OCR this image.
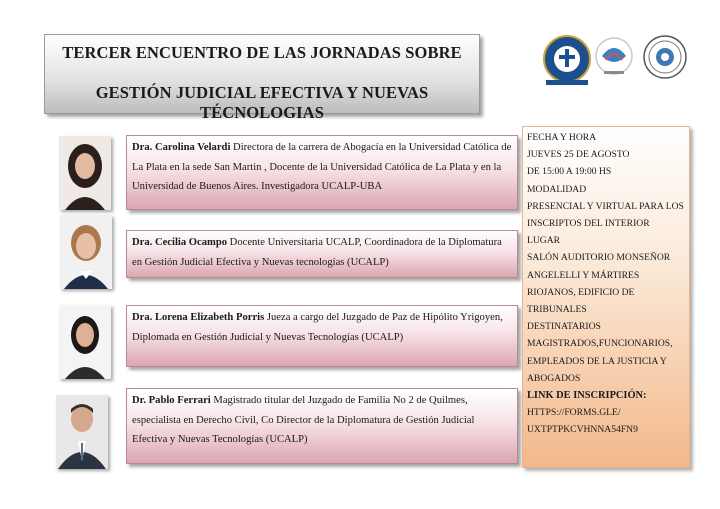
TERCER ENCUENTRO DE LAS JORNADAS SOBRE
GESTIÓN JUDICIAL EFECTIVA Y NUEVAS TÉCNOLOGIAS
Dra. Carolina Velardi Directora de la carrera de Abogacía en la Universidad Católica de La Plata en la sede San Martin , Docente de la Universidad Católica de La Plata y en la Universidad de Buenos Aires. Investigadora UCALP-UBA
Dra. Cecilia Ocampo Docente Universitaria UCALP, Coordinadora de la Diplomatura en Gestión Judicial Efectiva y Nuevas tecnologías (UCALP)
Dra. Lorena Elizabeth Porris Jueza a cargo del Juzgado de Paz de Hipólito Yrigoyen, Diplomada en Gestión Judicial y Nuevas Tecnologías (UCALP)
Dr. Pablo Ferrari Magistrado titular del Juzgado de Familia No 2 de Quilmes, especialista en Derecho Civil, Co Director de la Diplomatura de Gestión Judicial Efectiva y Nuevas Tecnologías (UCALP)
FECHA Y HORA
JUEVES 25 DE AGOSTO
DE 15:00 A 19:00 HS
MODALIDAD
PRESENCIAL Y VIRTUAL PARA LOS INSCRIPTOS DEL INTERIOR
LUGAR
SALÓN AUDITORIO MONSEÑOR ANGELELLI Y MÁRTIRES RIOJANOS, EDIFICIO DE TRIBUNALES
DESTINATARIOS
MAGISTRADOS,FUNCIONARIOS, EMPLEADOS DE LA JUSTICIA Y ABOGADOS
LINK DE INSCRIPCIÓN:
HTTPS://FORMS.GLE/ UXTPTPKCVHNNA54FN9
